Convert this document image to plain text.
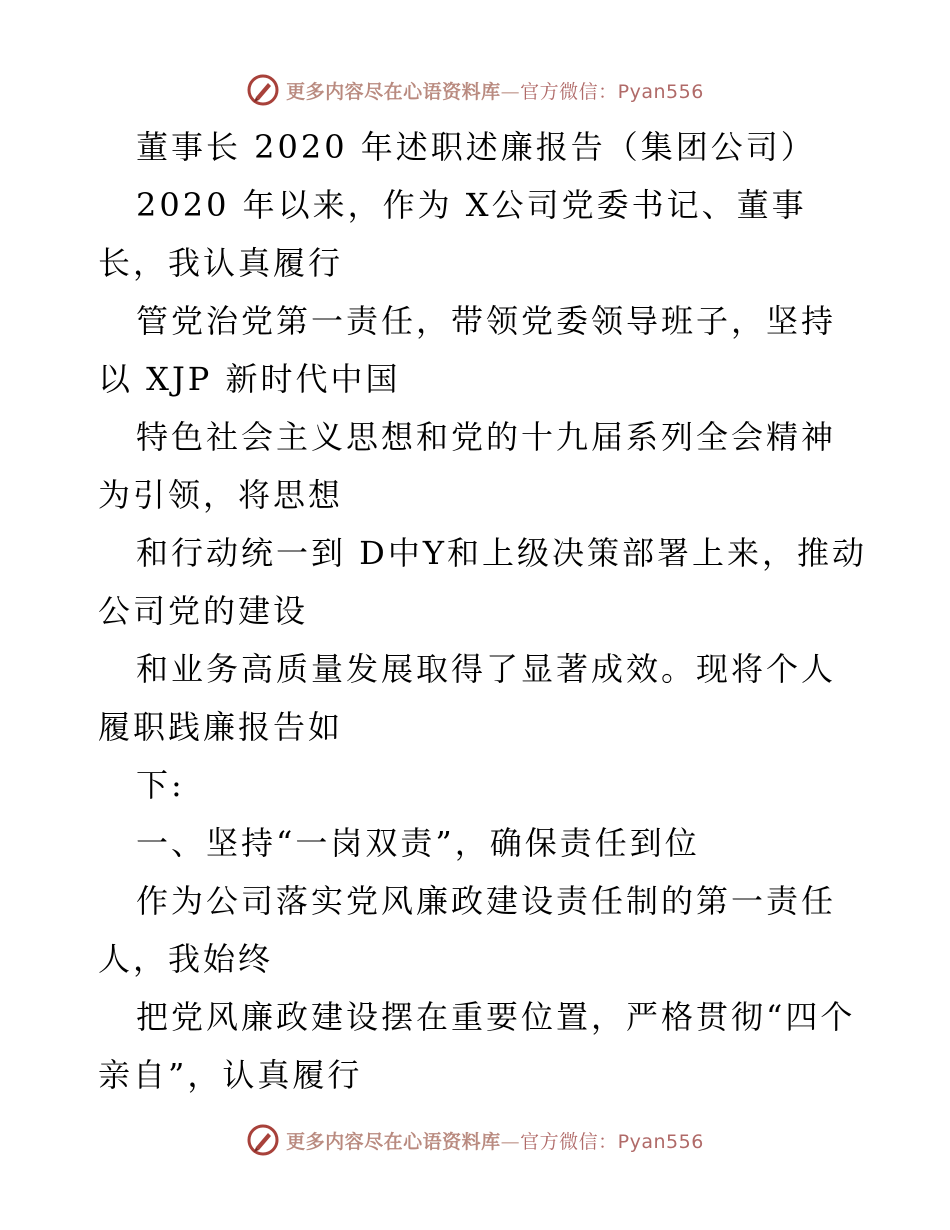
更多内容尽在心语资料库—官方微信：Pyan556

董事长 2020 年述职述廉报告（集团公司）

2020 年以来，作为 X公司党委书记、董事长，我认真履行

管党治党第一责任，带领党委领导班子，坚持以 XJP 新时代中国

特色社会主义思想和党的十九届系列全会精神为引领，将思想

和行动统一到 D中Y和上级决策部署上来，推动公司党的建设

和业务高质量发展取得了显著成效。现将个人履职践廉报告如

下:

一、坚持“一岗双责”，确保责任到位

作为公司落实党风廉政建设责任制的第一责任人，我始终

把党风廉政建设摆在重要位置，严格贯彻“四个亲自”，认真履行

更多内容尽在心语资料库—官方微信：Pyan556
